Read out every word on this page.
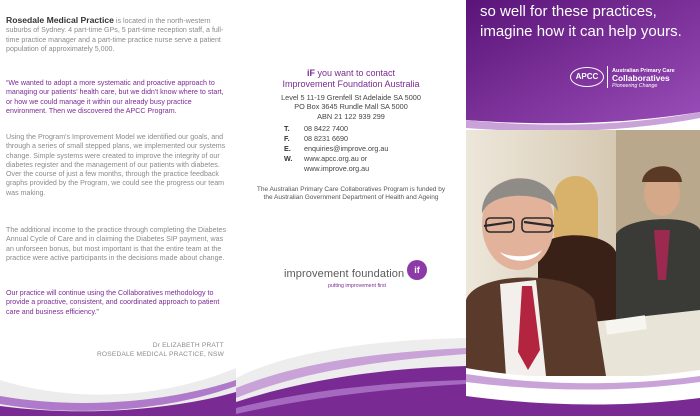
Rosedale Medical Practice is located in the north-western suburbs of Sydney. 4 part-time GPs, 5 part-time reception staff, a full-time practice manager and a part-time practice nurse serve a patient population of approximately 5,000.

“We wanted to adopt a more systematic and proactive approach to managing our patients' health care, but we didn't know where to start, or how we could manage it within our already busy practice environment. Then we discovered the APCC Program.

Using the Program's Improvement Model we identified our goals, and through a series of small stepped plans, we implemented our systems change. Simple systems were created to improve the integrity of our diabetes register and the management of our patients with diabetes. Over the course of just a few months, through the practice feedback graphs provided by the Program, we could see the progress our team was making.

The additional income to the practice through completing the Diabetes Annual Cycle of Care and in claiming the Diabetes SIP payment, was an unforseen bonus, but most important is that the entire team at the practice were active participants in the decisions made about change.

Our practice will continue using the Collaboratives methodology to provide a proactive, consistent, and coordinated approach to patient care and business efficiency.”

Dr ELIZABETH PRATT
ROSEDALE MEDICAL PRACTICE, NSW
iF you want to contact
Improvement Foundation Australia
Level 5 11-19 Grenfell St Adelaide SA 5000
PO Box 3645 Rundle Mall SA 5000
ABN 21 122 939 299
T.	08 8422 7400
F.	08 8231 6690
E.	enquiries@improve.org.au
W.	www.apcc.org.au or
www.improve.org.au
The Australian Primary Care Collaboratives Program is funded by the Australian Government Department of Health and Ageing
improvement foundation
putting improvement first
if
so well for these practices,
imagine how it can help yours.
APCC
Australian Primary Care
Collaboratives
Pioneering Change
